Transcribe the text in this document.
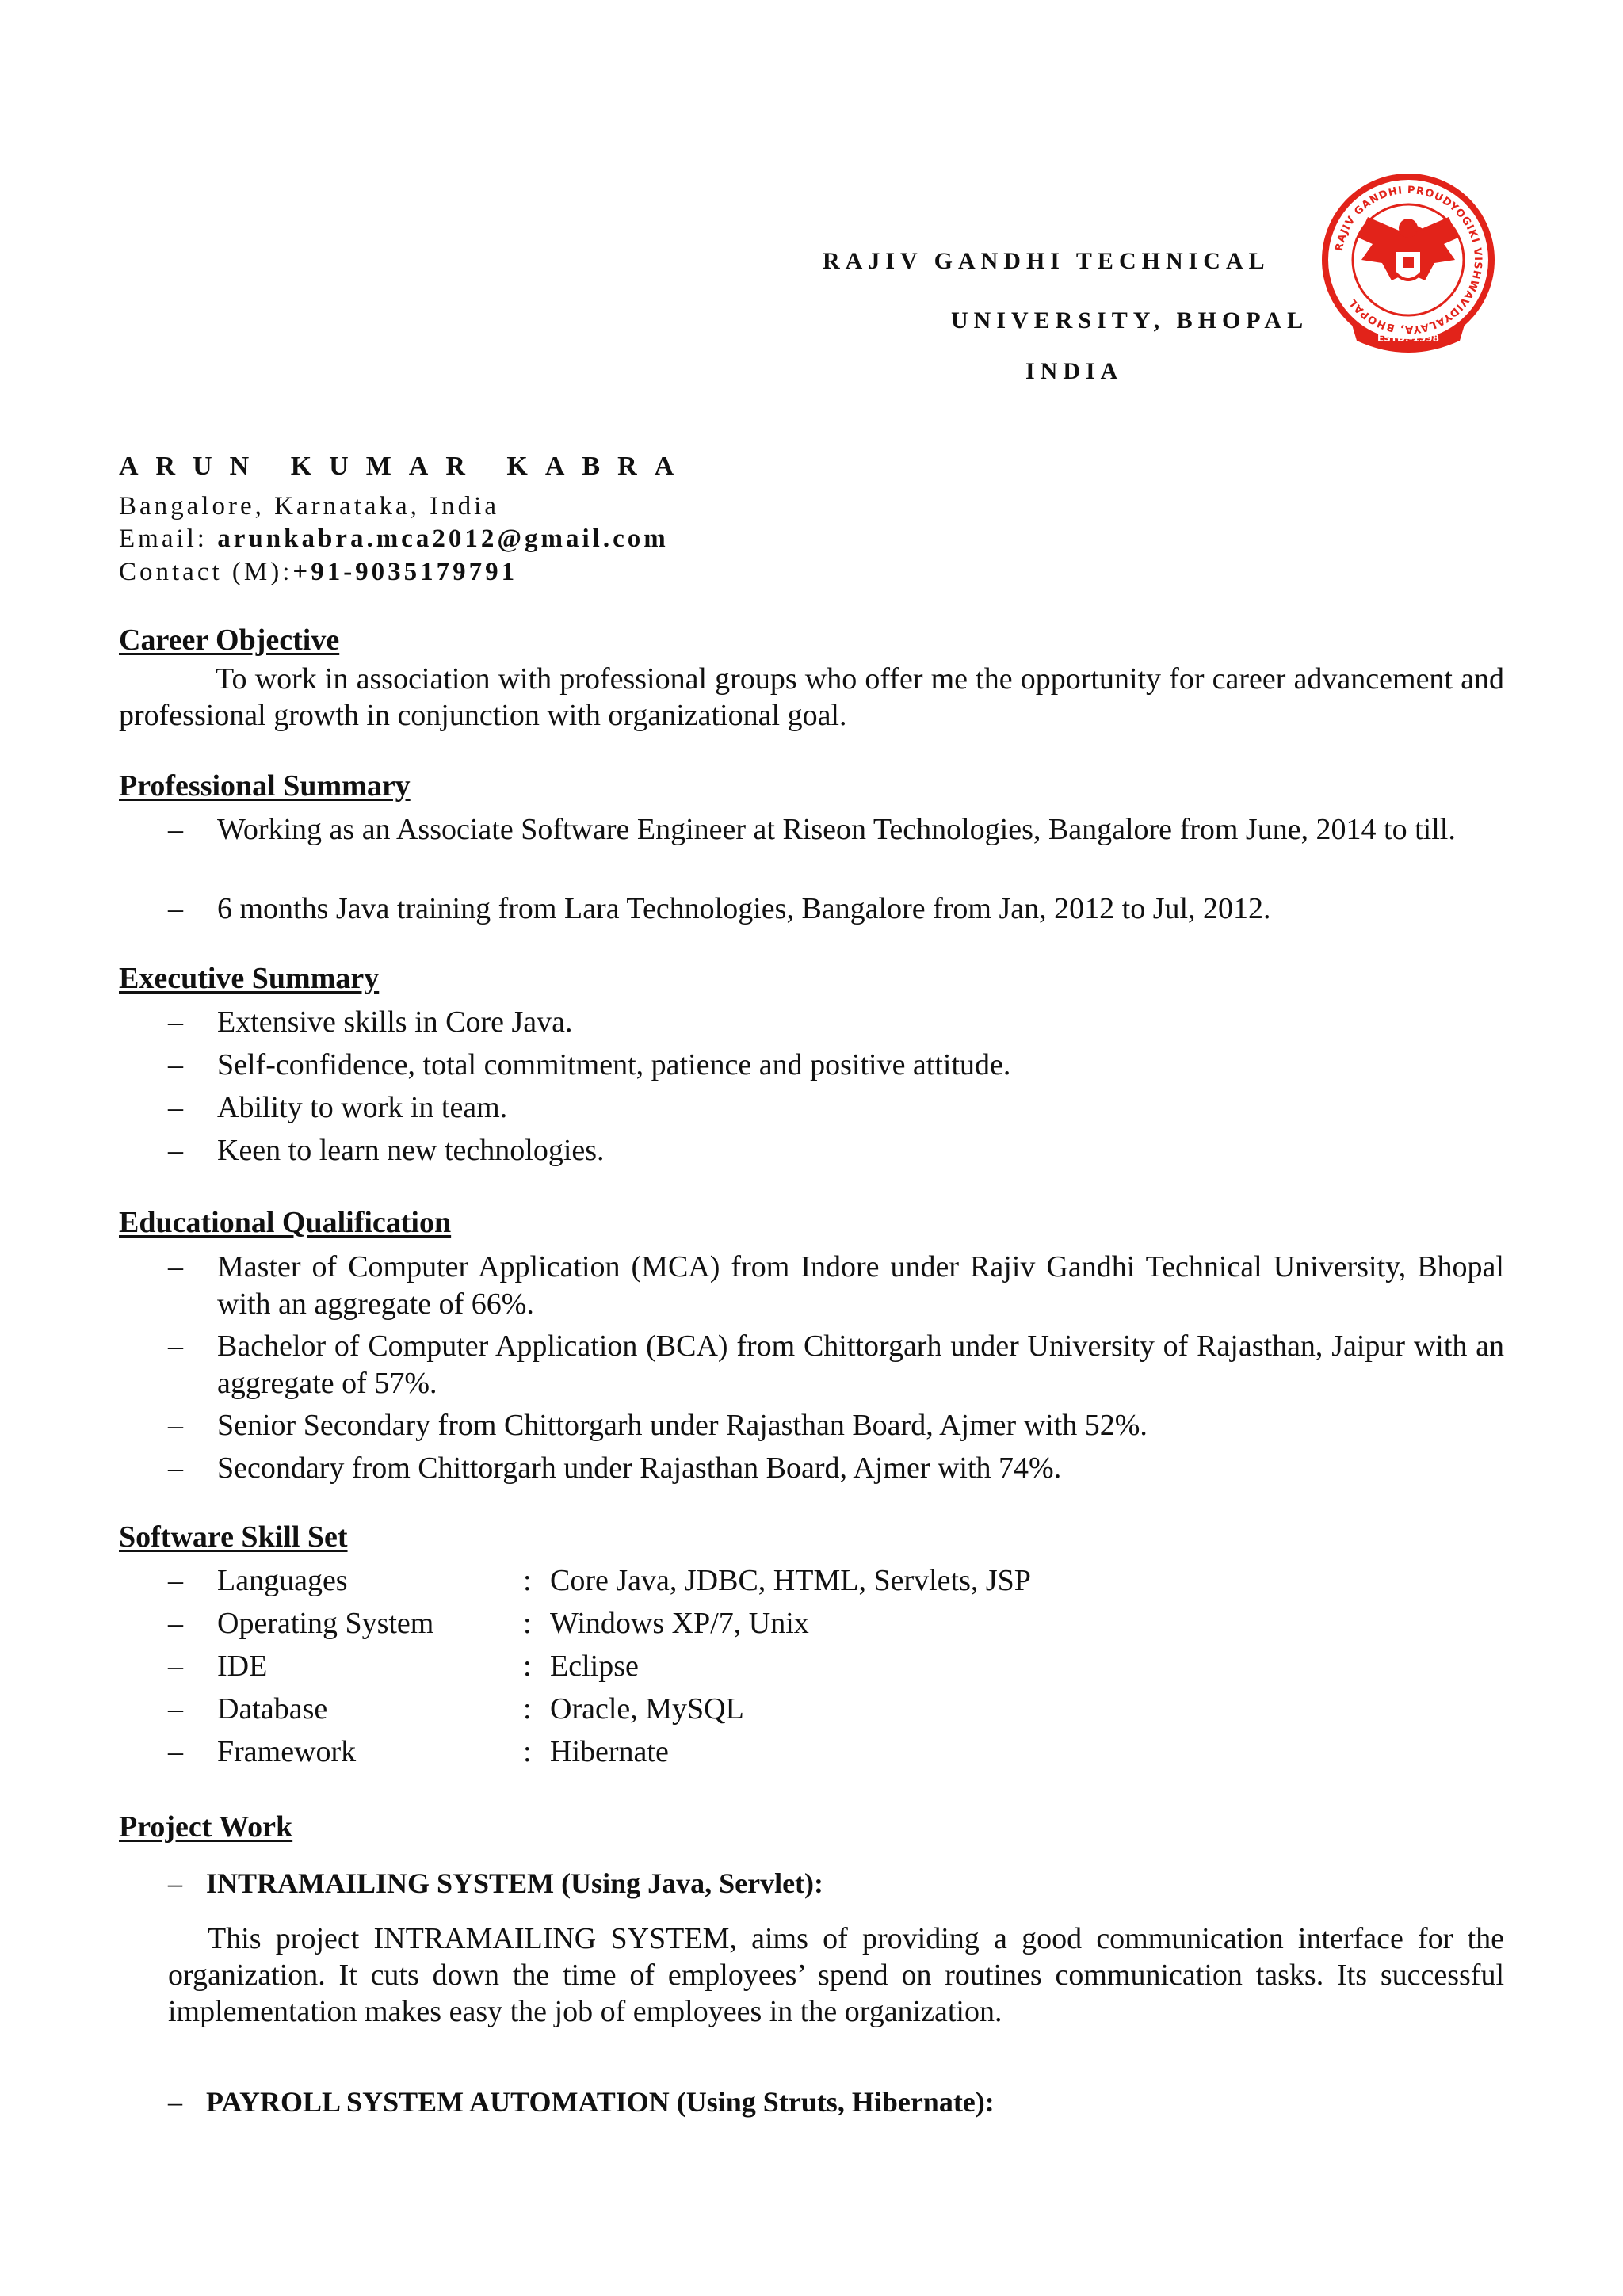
RAJIV GANDHI TECHNICAL
UNIVERSITY, BHOPAL
INDIA
RAJIV GANDHI PROUDYOGIKI VISHWAVIDYALAYA, BHOPAL
ESTD.-1998
ARUN KUMAR KABRA
Bangalore, Karnataka, India
Email: arunkabra.mca2012@gmail.com
Contact (M):+91-9035179791
Career Objective

To work in association with professional groups who offer me the opportunity for career advancement and professional growth in conjunction with organizational goal.

Professional Summary
– Working as an Associate Software Engineer at Riseon Technologies, Bangalore from June, 2014 to till.
– 6 months Java training from Lara Technologies, Bangalore from Jan, 2012 to Jul, 2012.
Executive Summary
– Extensive skills in Core Java.
– Self-confidence, total commitment, patience and positive attitude.
– Ability to work in team.
– Keen to learn new technologies.
Educational Qualification
– Master of Computer Application (MCA) from Indore under Rajiv Gandhi Technical University, Bhopal with an aggregate of 66%.
– Bachelor of Computer Application (BCA) from Chittorgarh under University of Rajasthan, Jaipur with an aggregate of 57%.
– Senior Secondary from Chittorgarh under Rajasthan Board, Ajmer with 52%.
– Secondary from Chittorgarh under Rajasthan Board, Ajmer with 74%.
Software Skill Set
– Languages	: Core Java, JDBC, HTML, Servlets, JSP
– Operating System	: Windows XP/7, Unix
– IDE	: Eclipse
– Database	: Oracle, MySQL
– Framework	: Hibernate
Project Work
– INTRAMAILING SYSTEM (Using Java, Servlet):

This project INTRAMAILING SYSTEM, aims of providing a good communication interface for the organization. It cuts down the time of employees’ spend on routines communication tasks. Its successful implementation makes easy the job of employees in the organization.

– PAYROLL SYSTEM AUTOMATION (Using Struts, Hibernate):
